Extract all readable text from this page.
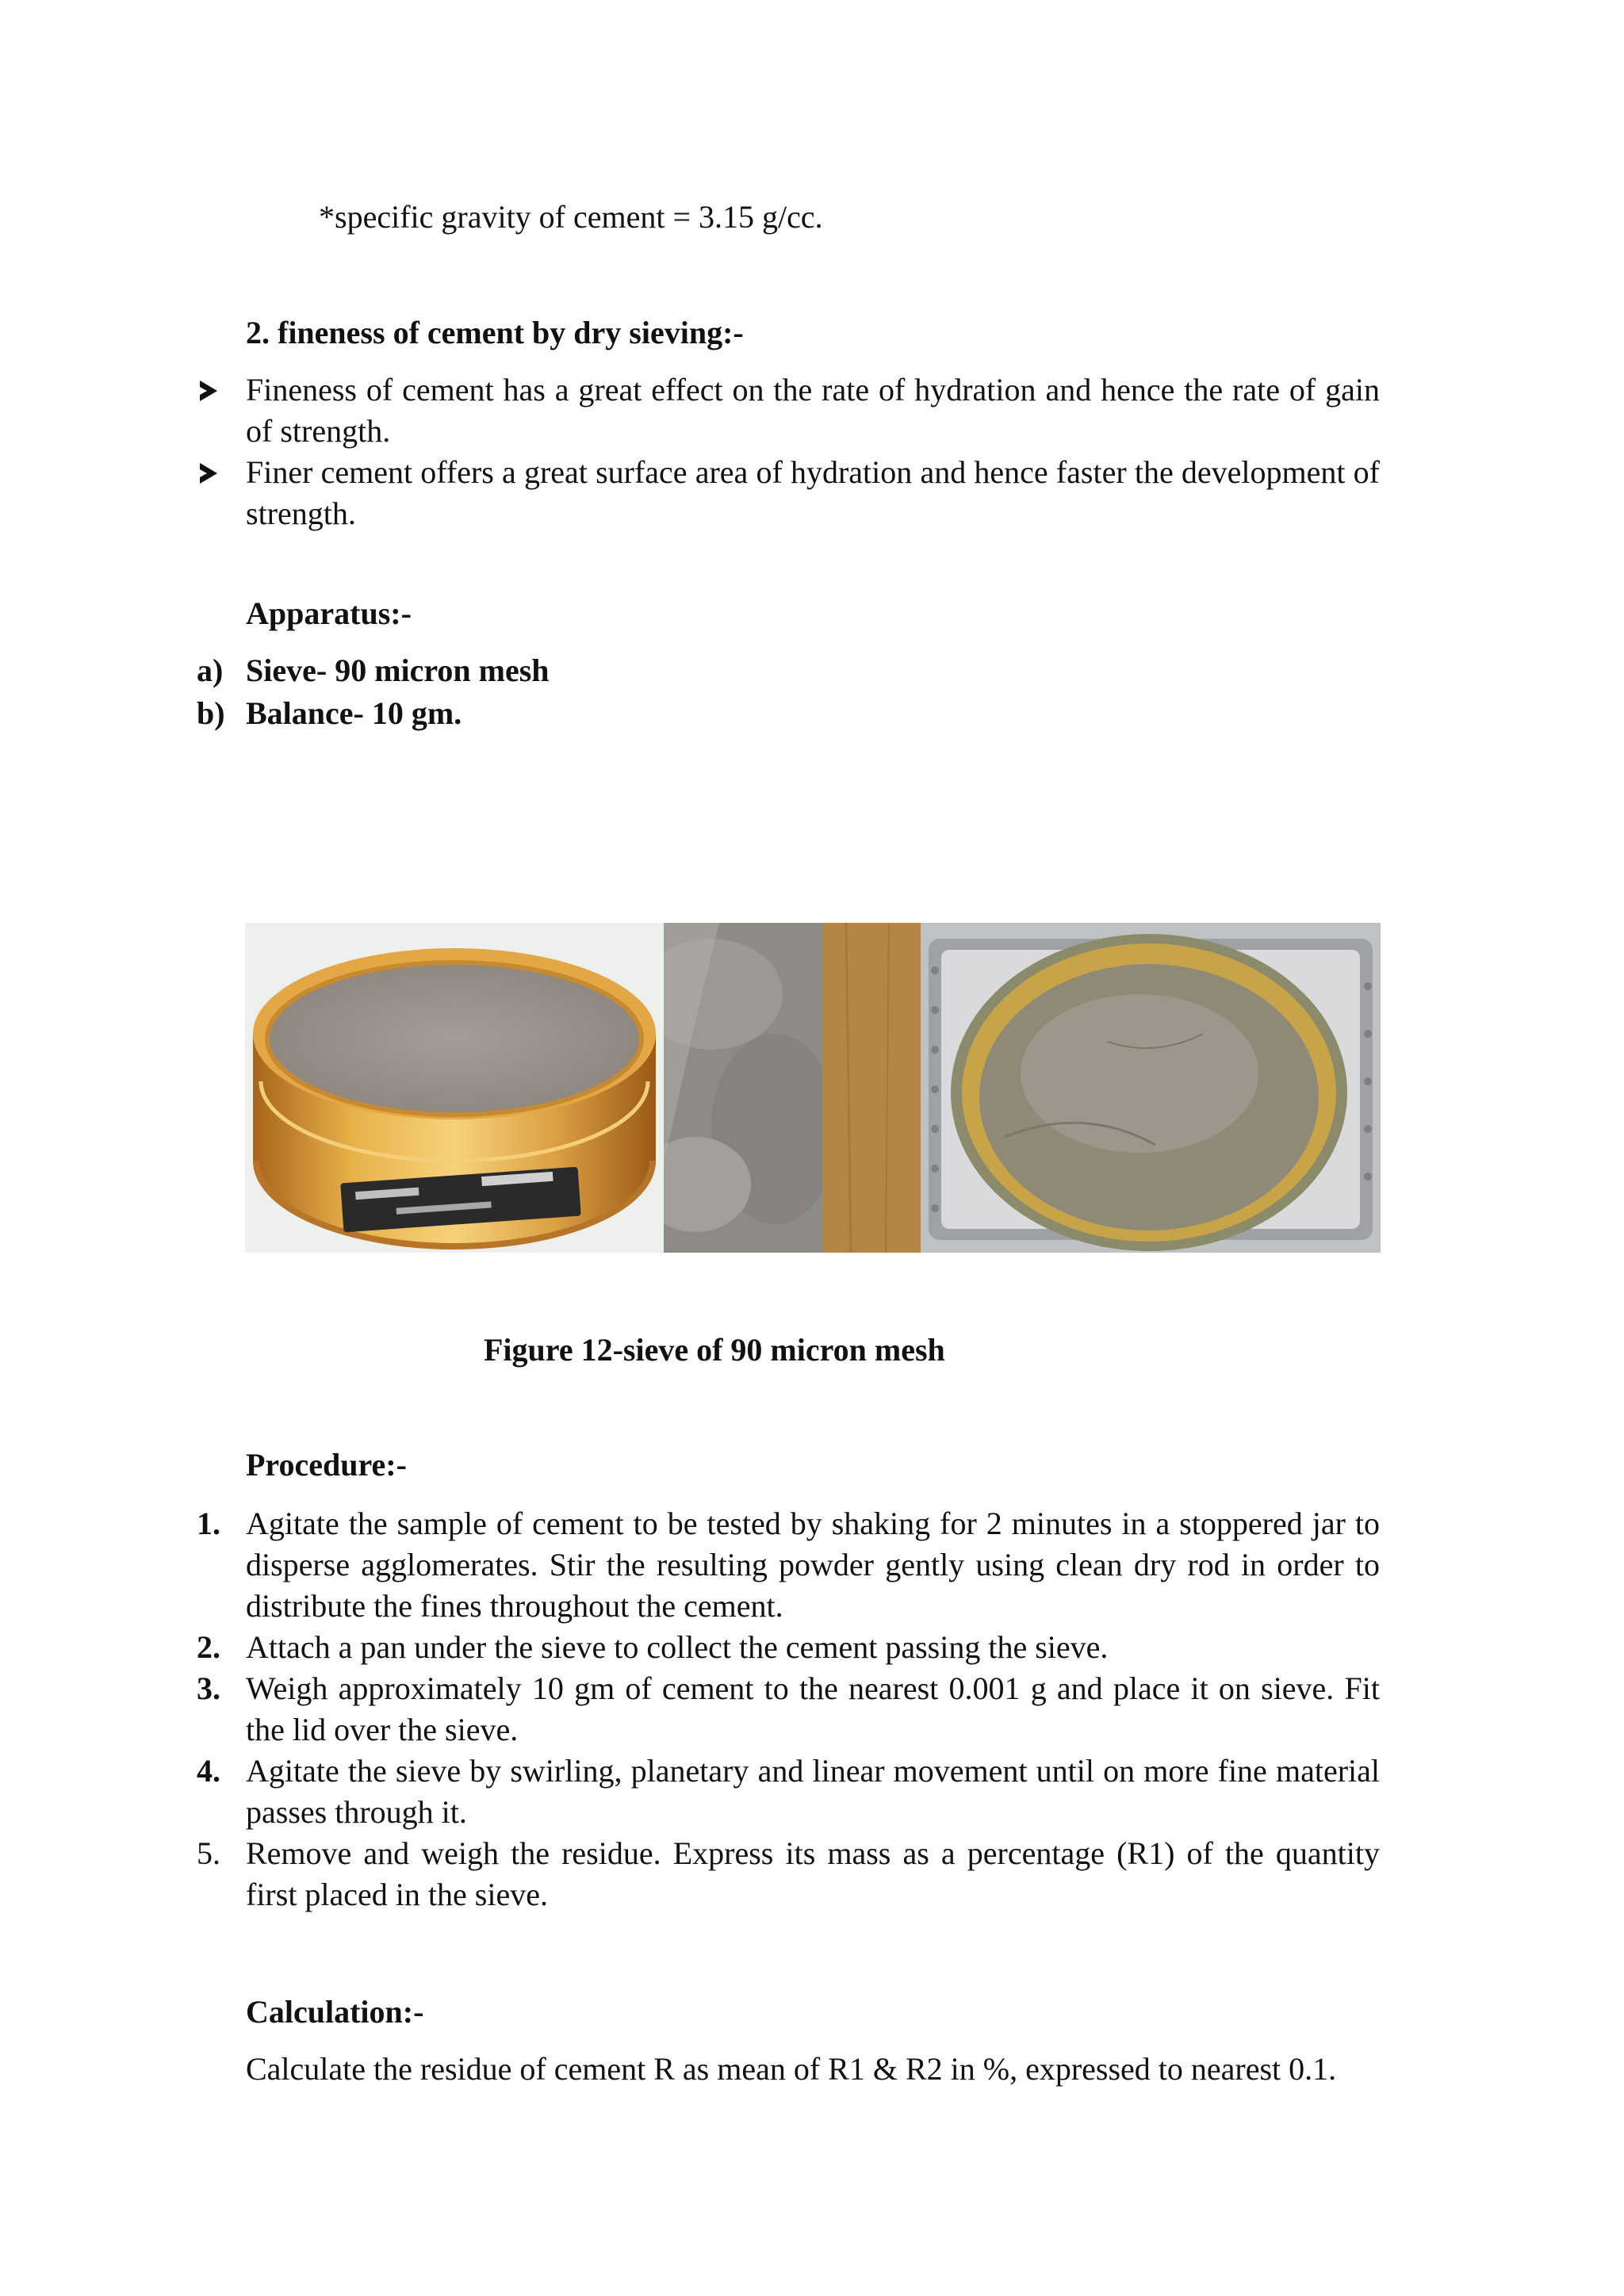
*specific gravity of cement = 3.15 g/cc.
2. fineness of cement by dry sieving:-
Fineness of cement has a great effect on the rate of hydration and hence the rate of gain of strength.
Finer cement offers a great surface area of hydration and hence faster the development of strength.
Apparatus:-
a) Sieve- 90 micron mesh
b) Balance- 10 gm.
Figure 12-sieve of 90 micron mesh
Procedure:-
1. Agitate the sample of cement to be tested by shaking for 2 minutes in a stoppered jar to disperse agglomerates. Stir the resulting powder gently using clean dry rod in order to distribute the fines throughout the cement.
2. Attach a pan under the sieve to collect the cement passing the sieve.
3. Weigh approximately 10 gm of cement to the nearest 0.001 g and place it on sieve. Fit the lid over the sieve.
4. Agitate the sieve by swirling, planetary and linear movement until on more fine material passes through it.
5. Remove and weigh the residue. Express its mass as a percentage (R1) of the quantity first placed in the sieve.
Calculation:-
Calculate the residue of cement R as mean of R1 & R2 in %, expressed to nearest 0.1.
